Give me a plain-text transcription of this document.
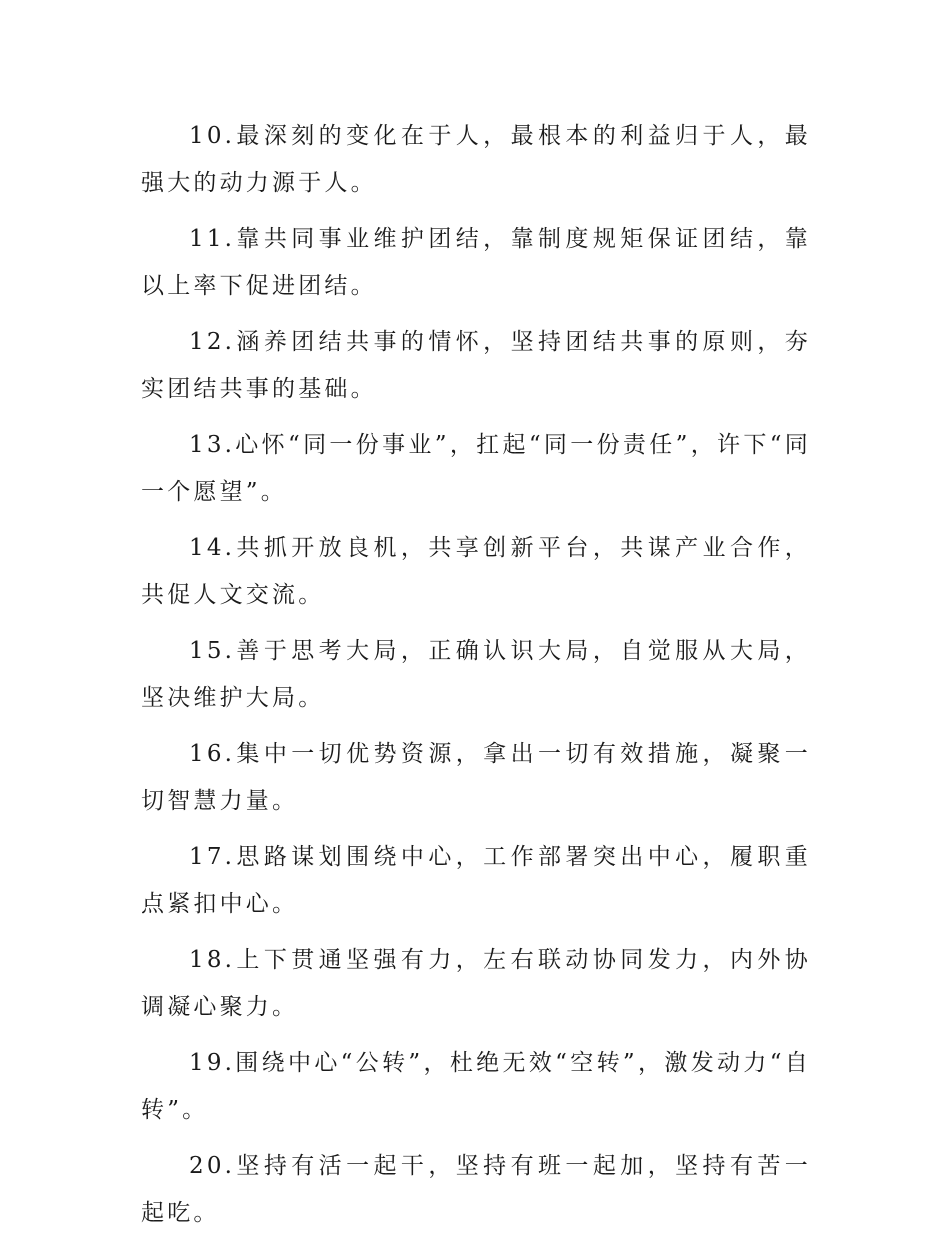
10.最深刻的变化在于人，最根本的利益归于人，最强大的动力源于人。

11.靠共同事业维护团结，靠制度规矩保证团结，靠以上率下促进团结。

12.涵养团结共事的情怀，坚持团结共事的原则，夯实团结共事的基础。

13.心怀“同一份事业”，扛起“同一份责任”，许下“同一个愿望”。

14.共抓开放良机，共享创新平台，共谋产业合作，共促人文交流。

15.善于思考大局，正确认识大局，自觉服从大局，坚决维护大局。

16.集中一切优势资源，拿出一切有效措施，凝聚一切智慧力量。

17.思路谋划围绕中心，工作部署突出中心，履职重点紧扣中心。

18.上下贯通坚强有力，左右联动协同发力，内外协调凝心聚力。

19.围绕中心“公转”，杜绝无效“空转”，激发动力“自转”。

20.坚持有活一起干，坚持有班一起加，坚持有苦一起吃。
